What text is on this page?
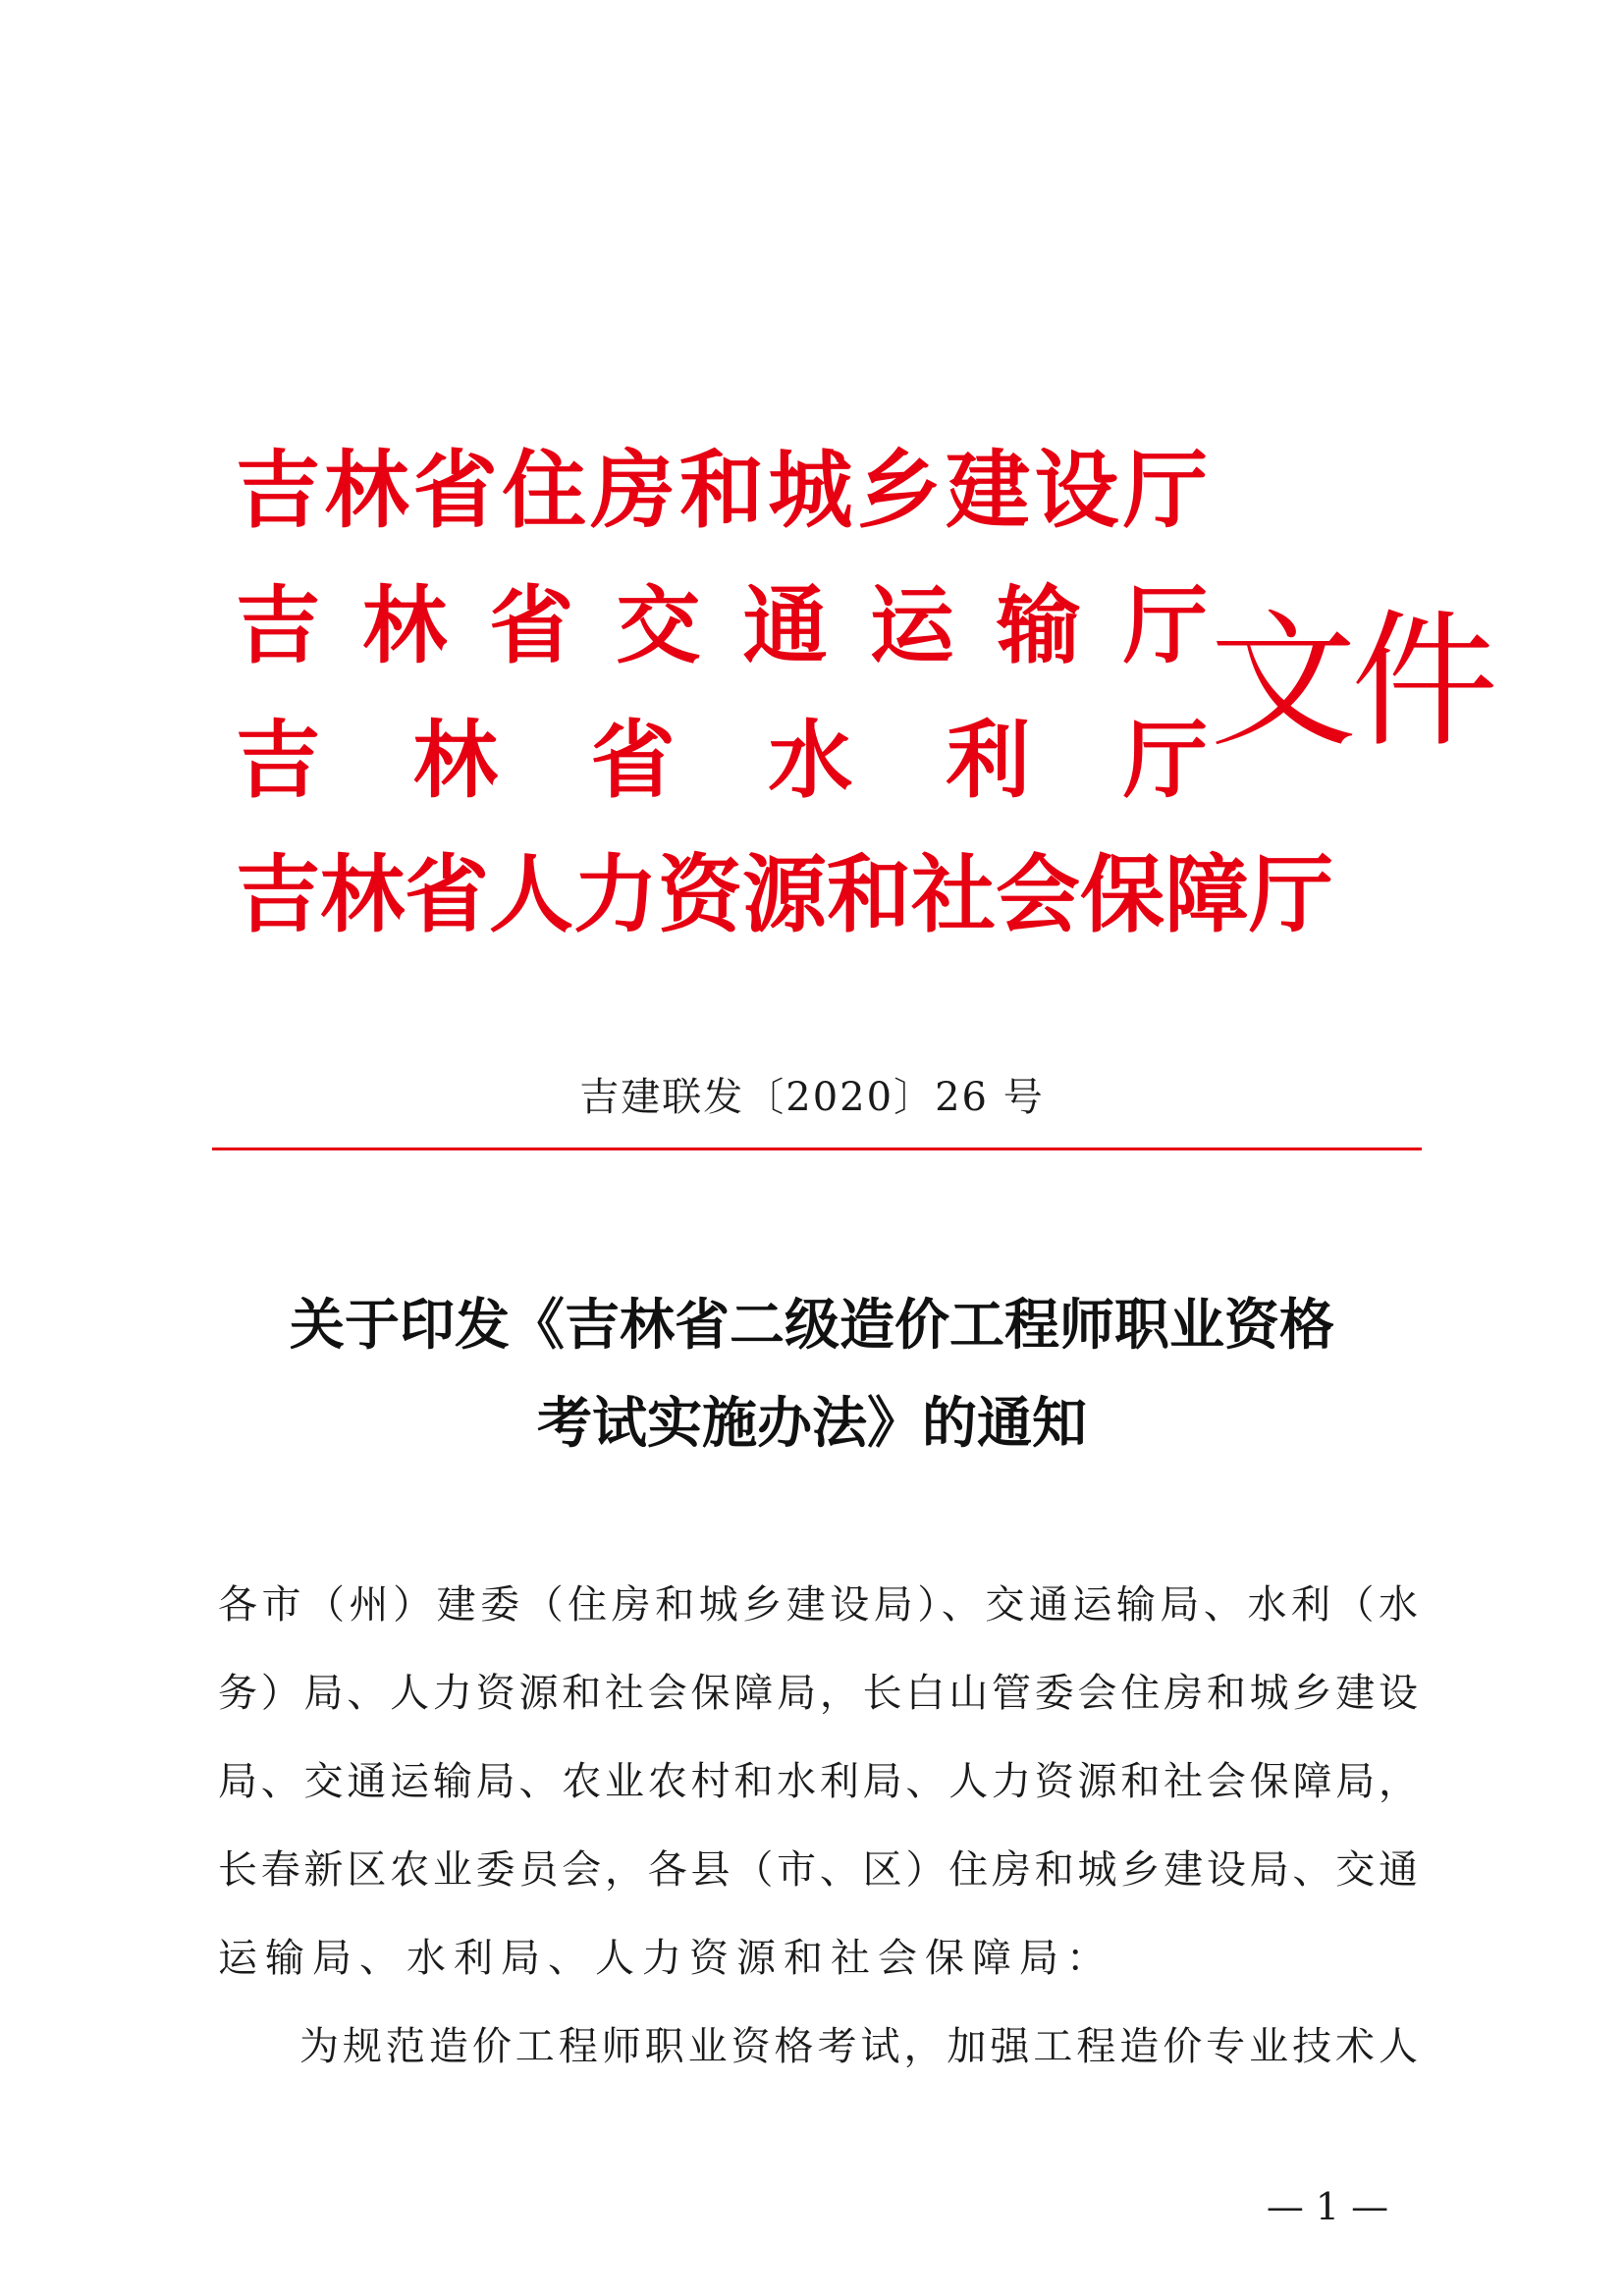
吉 林 省 住 房 和 城 乡 建 设 厅
吉 林 省 交 通 运 输 厅
吉 林 省 水 利 厅
吉 林 省 人 力 资 源 和 社 会 保 障 厅
文件
吉建联发〔2020〕26 号
关于印发《吉林省二级造价工程师职业资格
考试实施办法》的通知
各市（州）建委（住房和城乡建设局）、交通运输局、水利（水
务）局、人力资源和社会保障局，长白山管委会住房和城乡建设
局、交通运输局、农业农村和水利局、人力资源和社会保障局，
长春新区农业委员会，各县（市、区）住房和城乡建设局、交通
运输局、水利局、人力资源和社会保障局：
为规范造价工程师职业资格考试，加强工程造价专业技术人
— 1 —
